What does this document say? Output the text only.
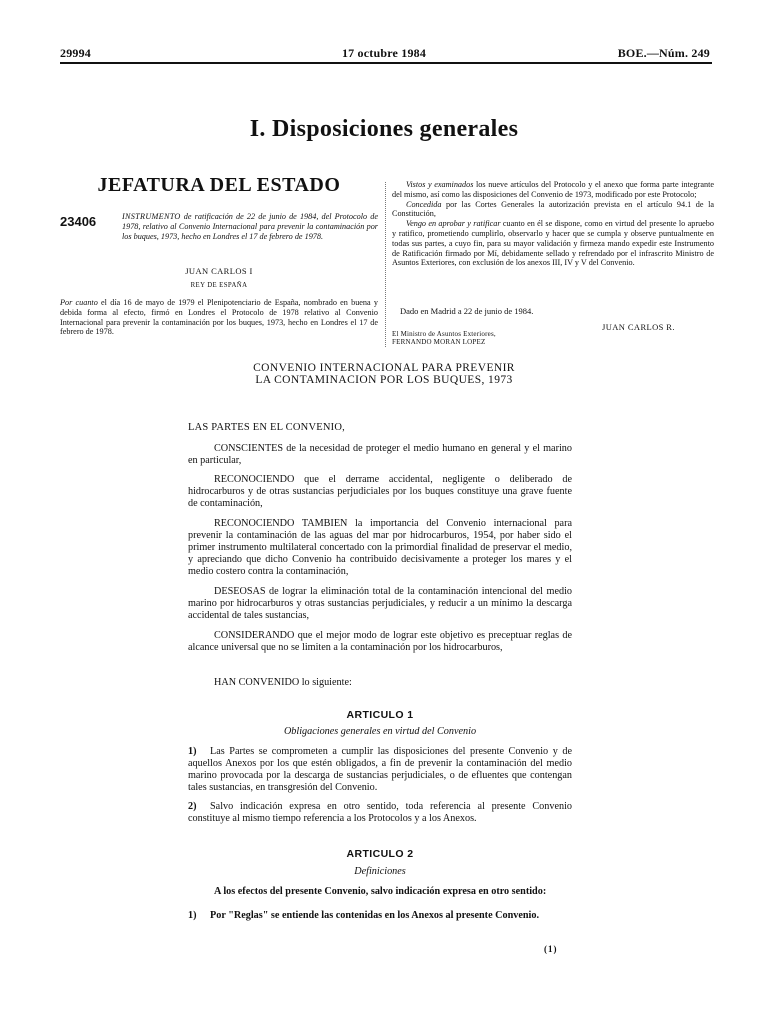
29994	17 octubre 1984	BOE.—Núm. 249
I. Disposiciones generales
JEFATURA DEL ESTADO
23406	INSTRUMENTO de ratificación de 22 de junio de 1984, del Protocolo de 1978, relativo al Convenio Internacional para prevenir la contaminación por los buques, 1973, hecho en Londres el 17 de febrero de 1978.
JUAN CARLOS I
REY DE ESPAÑA
Por cuanto el día 16 de mayo de 1979 el Plenipotenciario de España, nombrado en buena y debida forma al efecto, firmó en Londres el Protocolo de 1978 relativo al Convenio Internacional para prevenir la contaminación por los buques, 1973, hecho en Londres el 17 de febrero de 1978.
Vistos y examinados los nueve artículos del Protocolo y el anexo que forma parte integrante del mismo, así como las disposiciones del Convenio de 1973, modificado por este Protocolo;
Concedida por las Cortes Generales la autorización prevista en el artículo 94.1 de la Constitución,
Vengo en aprobar y ratificar cuanto en él se dispone, como en virtud del presente lo apruebo y ratifico, prometiendo cumplirlo, observarlo y hacer que se cumpla y observe puntualmente en todas sus partes, a cuyo fin, para su mayor validación y firmeza mando expedir este Instrumento de Ratificación firmado por Mí, debidamente sellado y refrendado por el infrascrito Ministro de Asuntos Exteriores, con exclusión de los anexos III, IV y V del Convenio.
Dado en Madrid a 22 de junio de 1984.
JUAN CARLOS R.
El Ministro de Asuntos Exteriores,
FERNANDO MORAN LOPEZ
CONVENIO INTERNACIONAL PARA PREVENIR
LA CONTAMINACION POR LOS BUQUES, 1973
LAS PARTES EN EL CONVENIO,

CONSCIENTES de la necesidad de proteger el medio humano en general y el marino en particular,

RECONOCIENDO que el derrame accidental, negligente o deliberado de hidrocarburos y de otras sustancias perjudiciales por los buques constituye una grave fuente de contaminación,

RECONOCIENDO TAMBIEN la importancia del Convenio internacional para prevenir la contaminación de las aguas del mar por hidrocarburos, 1954, por haber sido el primer instrumento multilateral concertado con la primordial finalidad de preservar el medio, y apreciando que dicho Convenio ha contribuido decisivamente a proteger los mares y el medio costero contra la contaminación,

DESEOSAS de lograr la eliminación total de la contaminación intencional del medio marino por hidrocarburos y otras sustancias perjudiciales, y reducir a un mínimo la descarga accidental de tales sustancias,

CONSIDERANDO que el mejor modo de lograr este objetivo es preceptuar reglas de alcance universal que no se limiten a la contaminación por los hidrocarburos,

HAN CONVENIDO lo siguiente:

ARTICULO 1
Obligaciones generales en virtud del Convenio

1) Las Partes se comprometen a cumplir las disposiciones del presente Convenio y de aquellos Anexos por los que estén obligados, a fin de prevenir la contaminación del medio marino provocada por la descarga de sustancias perjudiciales, o de efluentes que contengan tales sustancias, en transgresión del Convenio.

2) Salvo indicación expresa en otro sentido, toda referencia al presente Convenio constituye al mismo tiempo referencia a los Protocolos y a los Anexos.

ARTICULO 2
Definiciones

A los efectos del presente Convenio, salvo indicación expresa en otro sentido:

1) Por "Reglas" se entiende las contenidas en los Anexos al presente Convenio.

(1)
